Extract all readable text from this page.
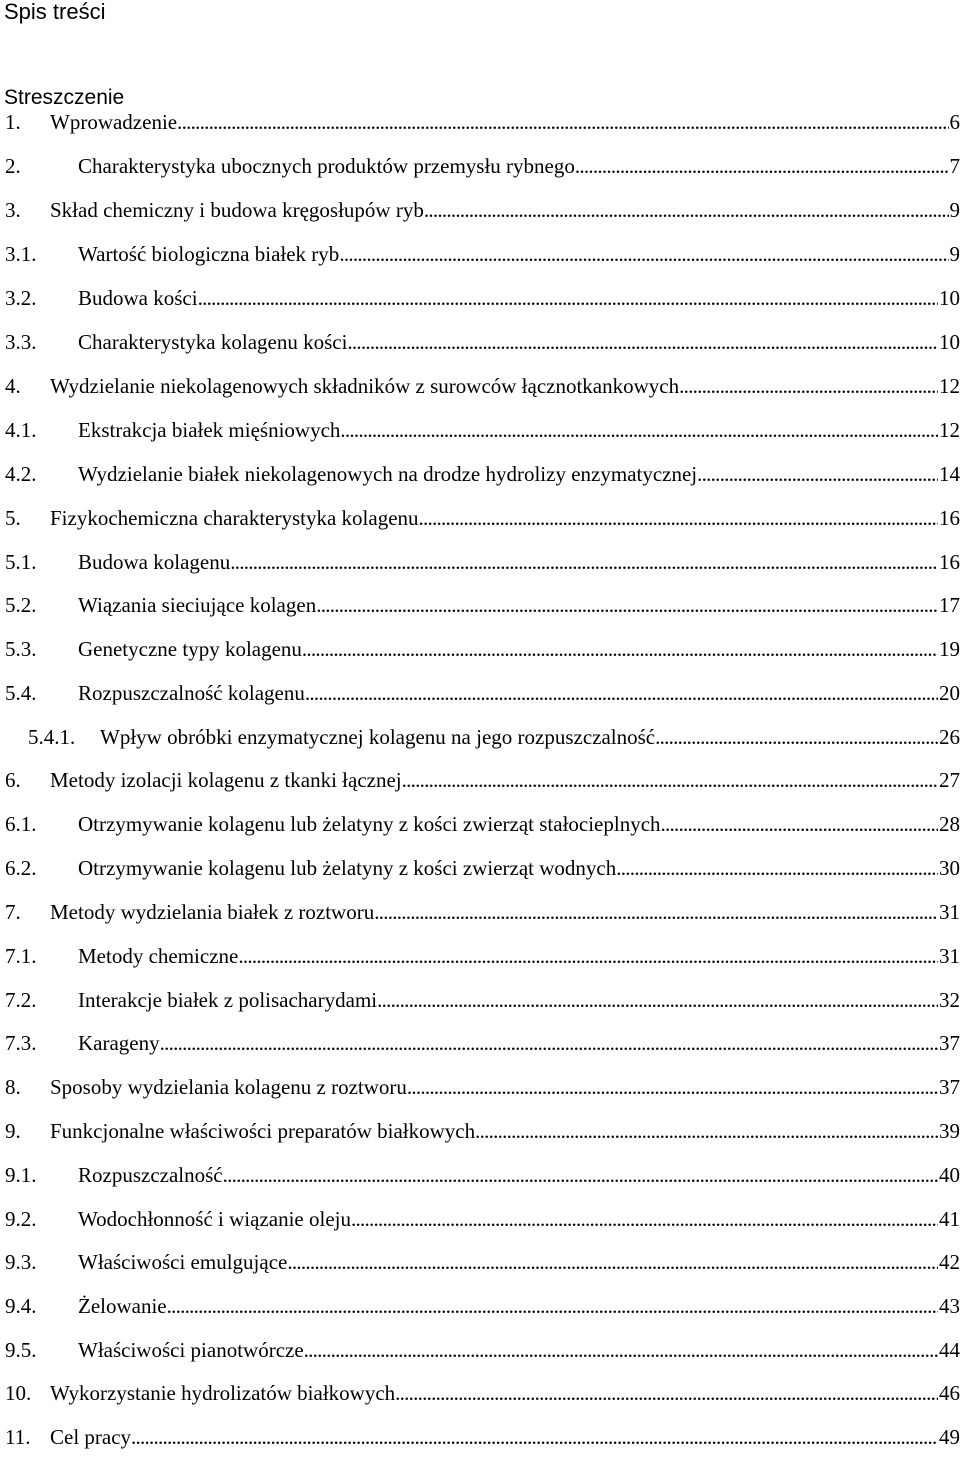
Spis treści
Streszczenie
1. Wprowadzenie . . .	6
2.	Charakterystyka ubocznych produktów przemysłu rybnego . . .	7
3. Skład chemiczny i budowa kręgosłupów ryb . . .	9
3.1. Wartość biologiczna białek ryb . . .	9
3.2. Budowa kości . . .	10
3.3. Charakterystyka kolagenu kości . . .	10
4. Wydzielanie niekolagenowych składników z surowców łącznotkankowych . . .	12
4.1. Ekstrakcja białek mięśniowych . . .	12
4.2. Wydzielanie białek niekolagenowych na drodze hydrolizy enzymatycznej . . .	14
5. Fizykochemiczna charakterystyka kolagenu . . .	16
5.1. Budowa kolagenu . . .	16
5.2. Wiązania sieciujące kolagen . . .	17
5.3. Genetyczne typy kolagenu . . .	19
5.4. Rozpuszczalność kolagenu . . .	20
5.4.1. Wpływ obróbki enzymatycznej kolagenu na jego rozpuszczalność . . .	26
6. Metody izolacji kolagenu z tkanki łącznej . . .	27
6.1. Otrzymywanie kolagenu lub żelatyny z kości zwierząt stałocieplnych . . .	28
6.2. Otrzymywanie kolagenu lub żelatyny z kości zwierząt wodnych . . .	30
7. Metody wydzielania białek z roztworu . . .	31
7.1. Metody chemiczne . . .	31
7.2. Interakcje białek z polisacharydami . . .	32
7.3. Karageny . . .	37
8. Sposoby wydzielania kolagenu z roztworu . . .	37
9. Funkcjonalne właściwości preparatów białkowych . . .	39
9.1. Rozpuszczalność . . .	40
9.2. Wodochłonność i wiązanie oleju . . .	41
9.3. Właściwości emulgujące . . .	42
9.4. Żelowanie . . .	43
9.5. Właściwości pianotwórcze . . .	44
10. Wykorzystanie hydrolizatów białkowych . . .	46
11. Cel pracy . . .	49
